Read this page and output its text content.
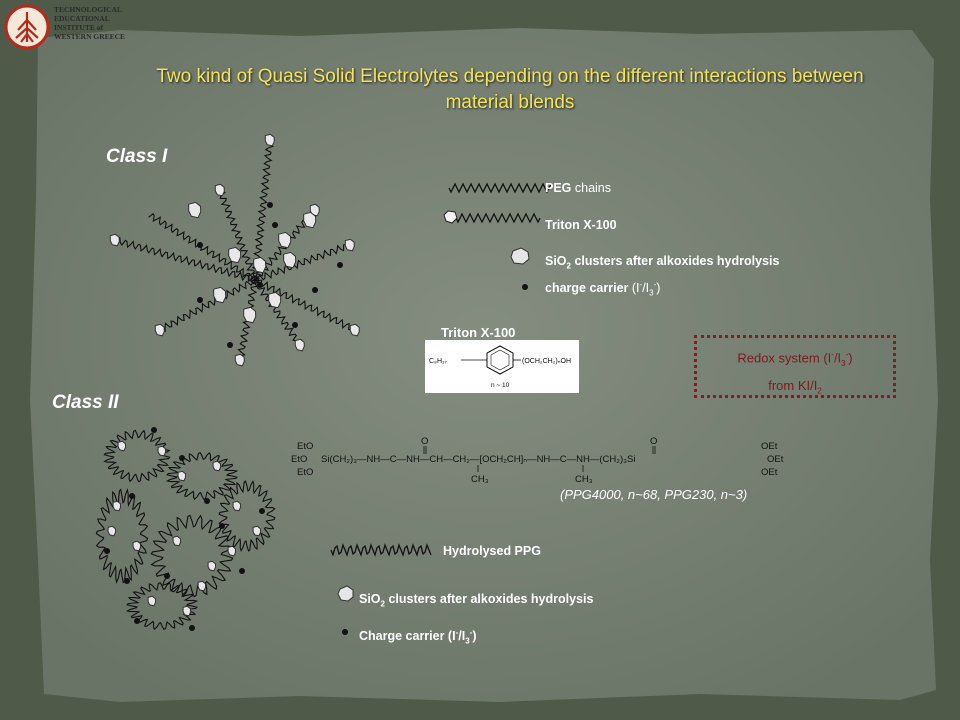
TECHNOLOGICAL
EDUCATIONAL
INSTITUTE of
WESTERN GREECE
Two kind of Quasi Solid Electrolytes depending on the different interactions between
material blends
Class I
PEG chains
Triton X-100
SiO$_2$ clusters after alkoxides hydrolysis
charge carrier $(I^-/I_3^-)$
C₈H₁₇	(OCH₂CH₂)ₙOH
n ~ 10
Triton X-100
Redox system $(I^-/I_3^-)$
from $KI/I_2$
Class II
EtO
EtO
EtO
Si(CH₂)₃—NH—C—NH—CH—CH₂—[OCH₂CH]ₙ—NH—C—NH—(CH₂)₃Si
O	O
CH₃	CH₃
OEt
OEt
OEt
(PPG4000, n~68, PPG230, n~3)
Hydrolysed PPG
SiO$_2$ clusters after alkoxides hydrolysis
Charge carrier $(I^-/I_3^-)$
